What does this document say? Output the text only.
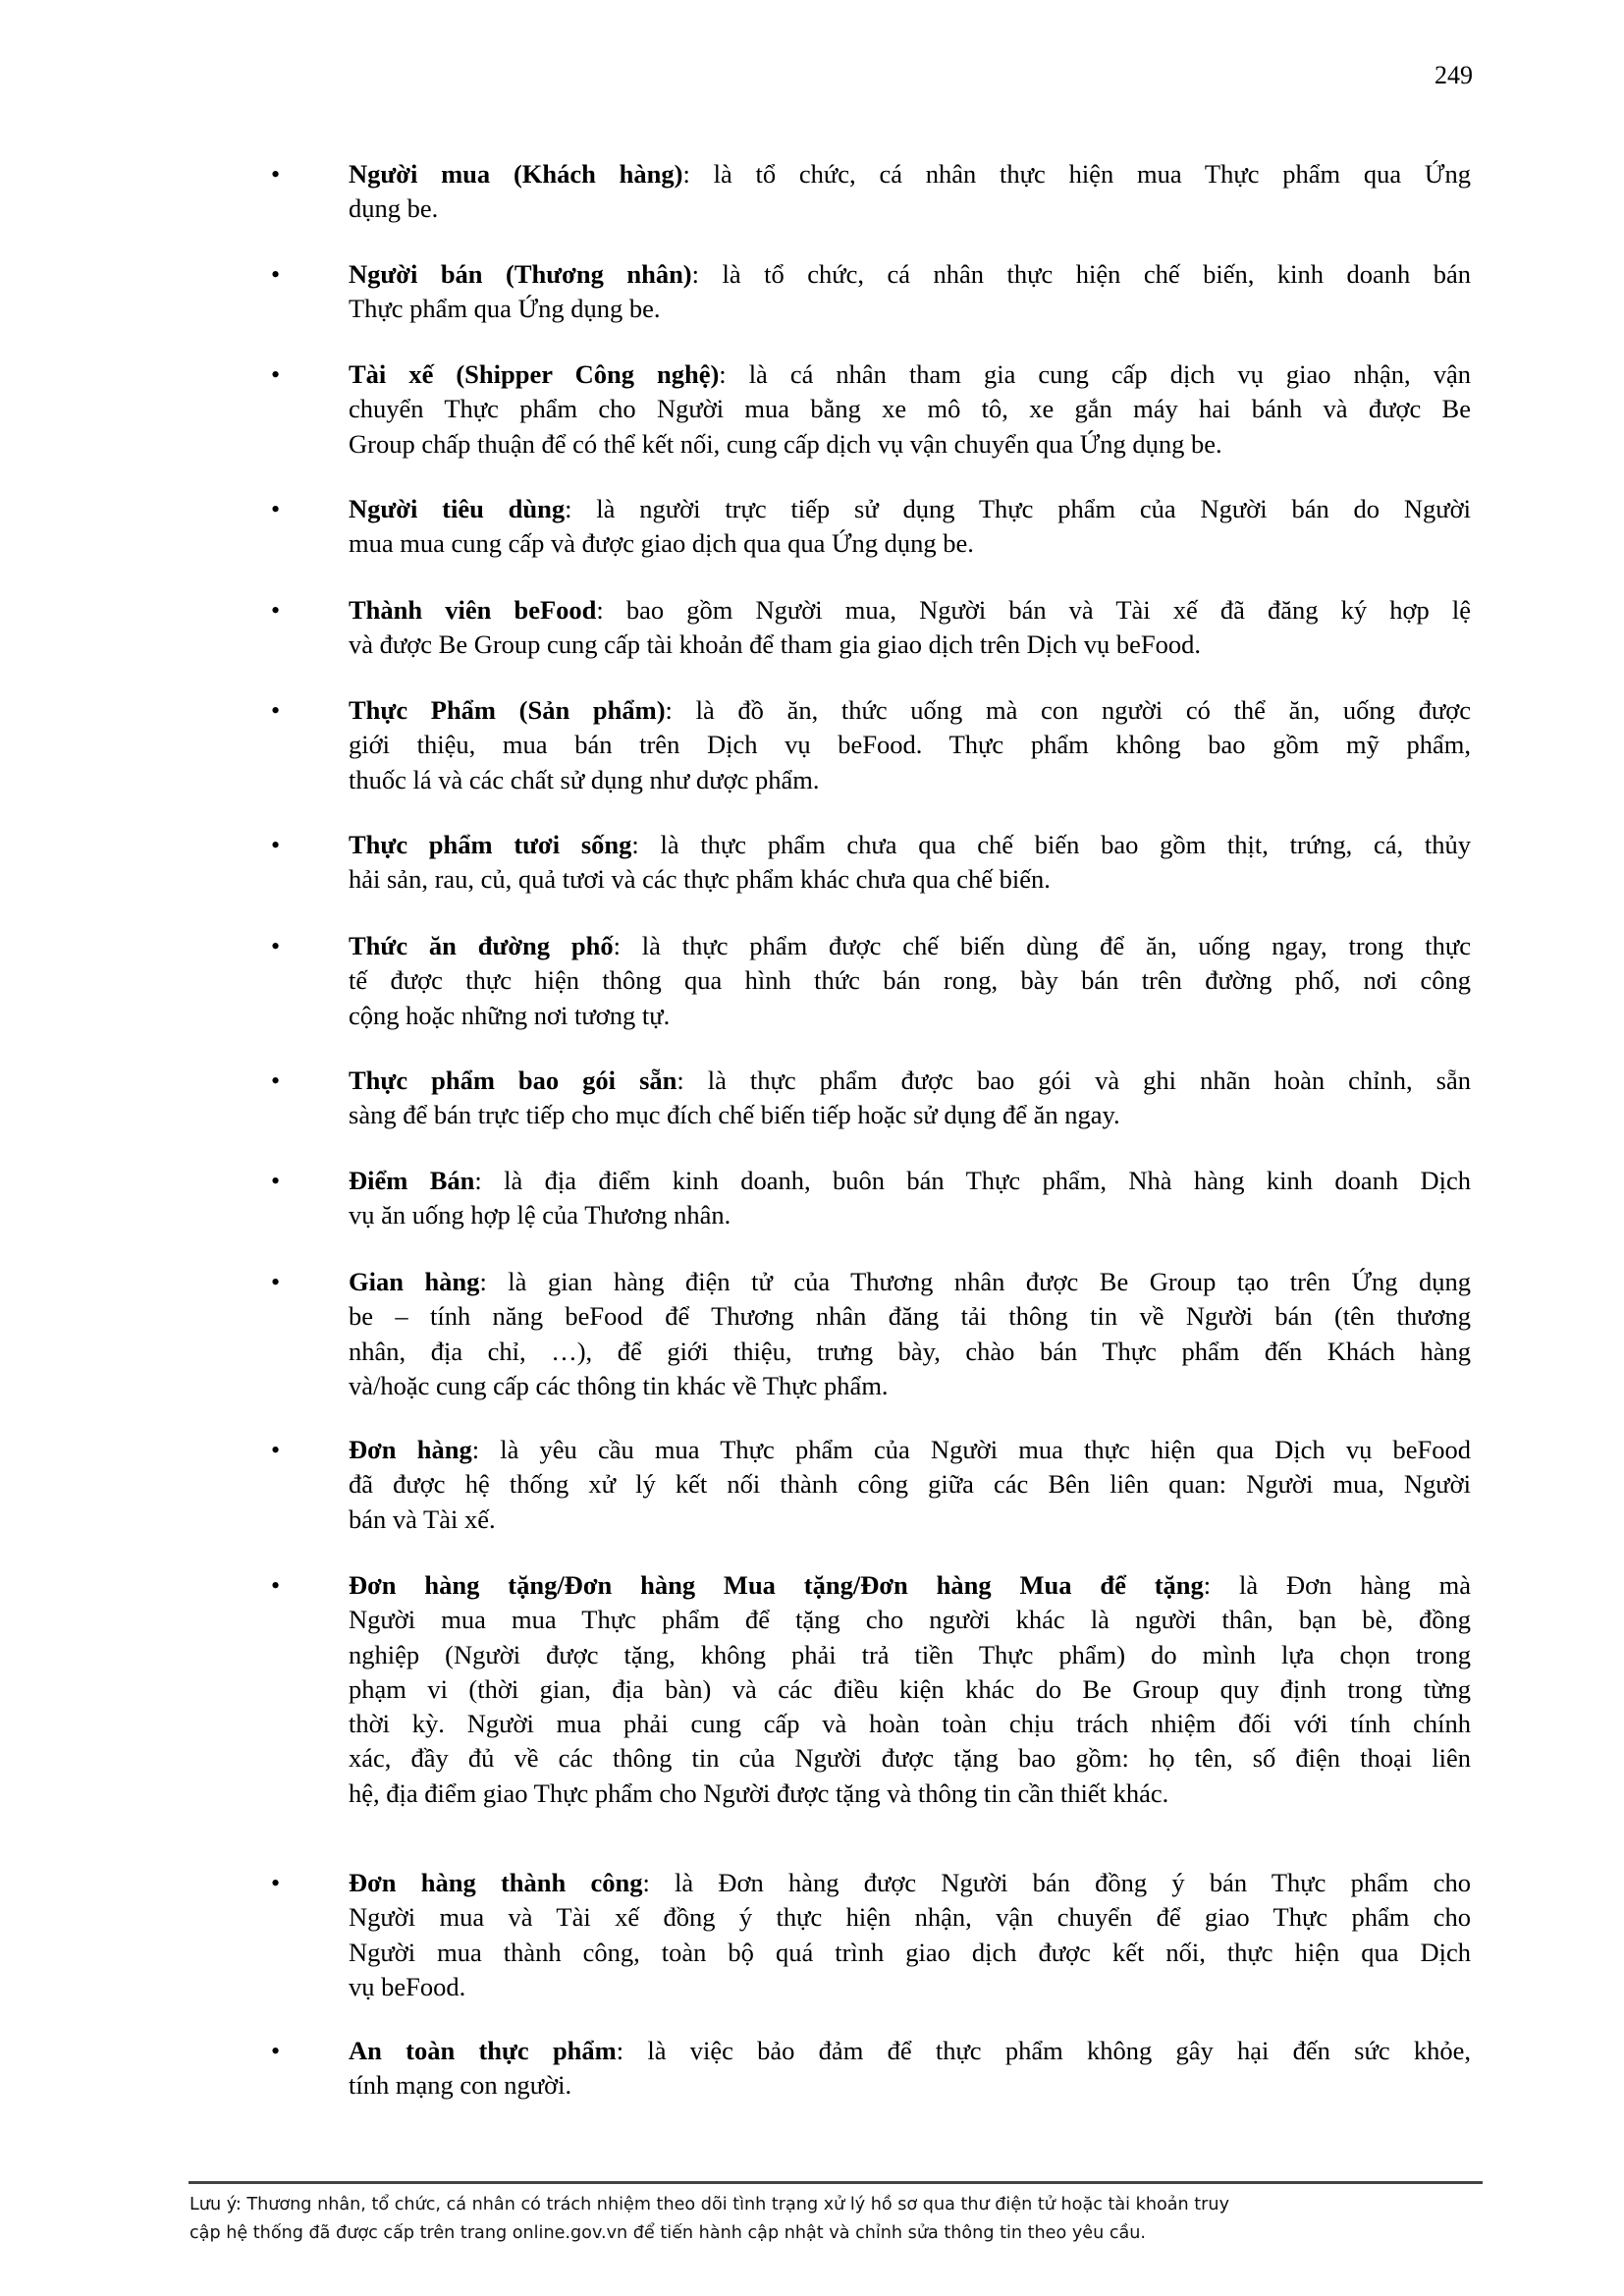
249
•	Người mua (Khách hàng): là tổ chức, cá nhân thực hiện mua Thực phẩm qua Ứng
dụng be.
•	Người bán (Thương nhân): là tổ chức, cá nhân thực hiện chế biến, kinh doanh bán
Thực phẩm qua Ứng dụng be.
•	Tài xế (Shipper Công nghệ): là cá nhân tham gia cung cấp dịch vụ giao nhận, vận
chuyển Thực phẩm cho Người mua bằng xe mô tô, xe gắn máy hai bánh và được Be
Group chấp thuận để có thể kết nối, cung cấp dịch vụ vận chuyển qua Ứng dụng be.
•	Người tiêu dùng: là người trực tiếp sử dụng Thực phẩm của Người bán do Người
mua mua cung cấp và được giao dịch qua qua Ứng dụng be.
•	Thành viên beFood: bao gồm Người mua, Người bán và Tài xế đã đăng ký hợp lệ
và được Be Group cung cấp tài khoản để tham gia giao dịch trên Dịch vụ beFood.
•	Thực Phẩm (Sản phẩm): là đồ ăn, thức uống mà con người có thể ăn, uống được
giới thiệu, mua bán trên Dịch vụ beFood. Thực phẩm không bao gồm mỹ phẩm,
thuốc lá và các chất sử dụng như dược phẩm.
•	Thực phẩm tươi sống: là thực phẩm chưa qua chế biến bao gồm thịt, trứng, cá, thủy
hải sản, rau, củ, quả tươi và các thực phẩm khác chưa qua chế biến.
•	Thức ăn đường phố: là thực phẩm được chế biến dùng để ăn, uống ngay, trong thực
tế được thực hiện thông qua hình thức bán rong, bày bán trên đường phố, nơi công
cộng hoặc những nơi tương tự.
•	Thực phẩm bao gói sẵn: là thực phẩm được bao gói và ghi nhãn hoàn chỉnh, sẵn
sàng để bán trực tiếp cho mục đích chế biến tiếp hoặc sử dụng để ăn ngay.
•	Điểm Bán: là địa điểm kinh doanh, buôn bán Thực phẩm, Nhà hàng kinh doanh Dịch
vụ ăn uống hợp lệ của Thương nhân.
•	Gian hàng: là gian hàng điện tử của Thương nhân được Be Group tạo trên Ứng dụng
be – tính năng beFood để Thương nhân đăng tải thông tin về Người bán (tên thương
nhân, địa chỉ, …), để giới thiệu, trưng bày, chào bán Thực phẩm đến Khách hàng
và/hoặc cung cấp các thông tin khác về Thực phẩm.
•	Đơn hàng: là yêu cầu mua Thực phẩm của Người mua thực hiện qua Dịch vụ beFood
đã được hệ thống xử lý kết nối thành công giữa các Bên liên quan: Người mua, Người
bán và Tài xế.
•	Đơn hàng tặng/Đơn hàng Mua tặng/Đơn hàng Mua để tặng: là Đơn hàng mà
Người mua mua Thực phẩm để tặng cho người khác là người thân, bạn bè, đồng
nghiệp (Người được tặng, không phải trả tiền Thực phẩm) do mình lựa chọn trong
phạm vi (thời gian, địa bàn) và các điều kiện khác do Be Group quy định trong từng
thời kỳ. Người mua phải cung cấp và hoàn toàn chịu trách nhiệm đối với tính chính
xác, đầy đủ về các thông tin của Người được tặng bao gồm: họ tên, số điện thoại liên
hệ, địa điểm giao Thực phẩm cho Người được tặng và thông tin cần thiết khác.
•	Đơn hàng thành công: là Đơn hàng được Người bán đồng ý bán Thực phẩm cho
Người mua và Tài xế đồng ý thực hiện nhận, vận chuyển để giao Thực phẩm cho
Người mua thành công, toàn bộ quá trình giao dịch được kết nối, thực hiện qua Dịch
vụ beFood.
•	An toàn thực phẩm: là việc bảo đảm để thực phẩm không gây hại đến sức khỏe,
tính mạng con người.
Lưu ý: Thương nhân, tổ chức, cá nhân có trách nhiệm theo dõi tình trạng xử lý hồ sơ qua thư điện tử hoặc tài khoản truy
cập hệ thống đã được cấp trên trang online.gov.vn để tiến hành cập nhật và chỉnh sửa thông tin theo yêu cầu.
